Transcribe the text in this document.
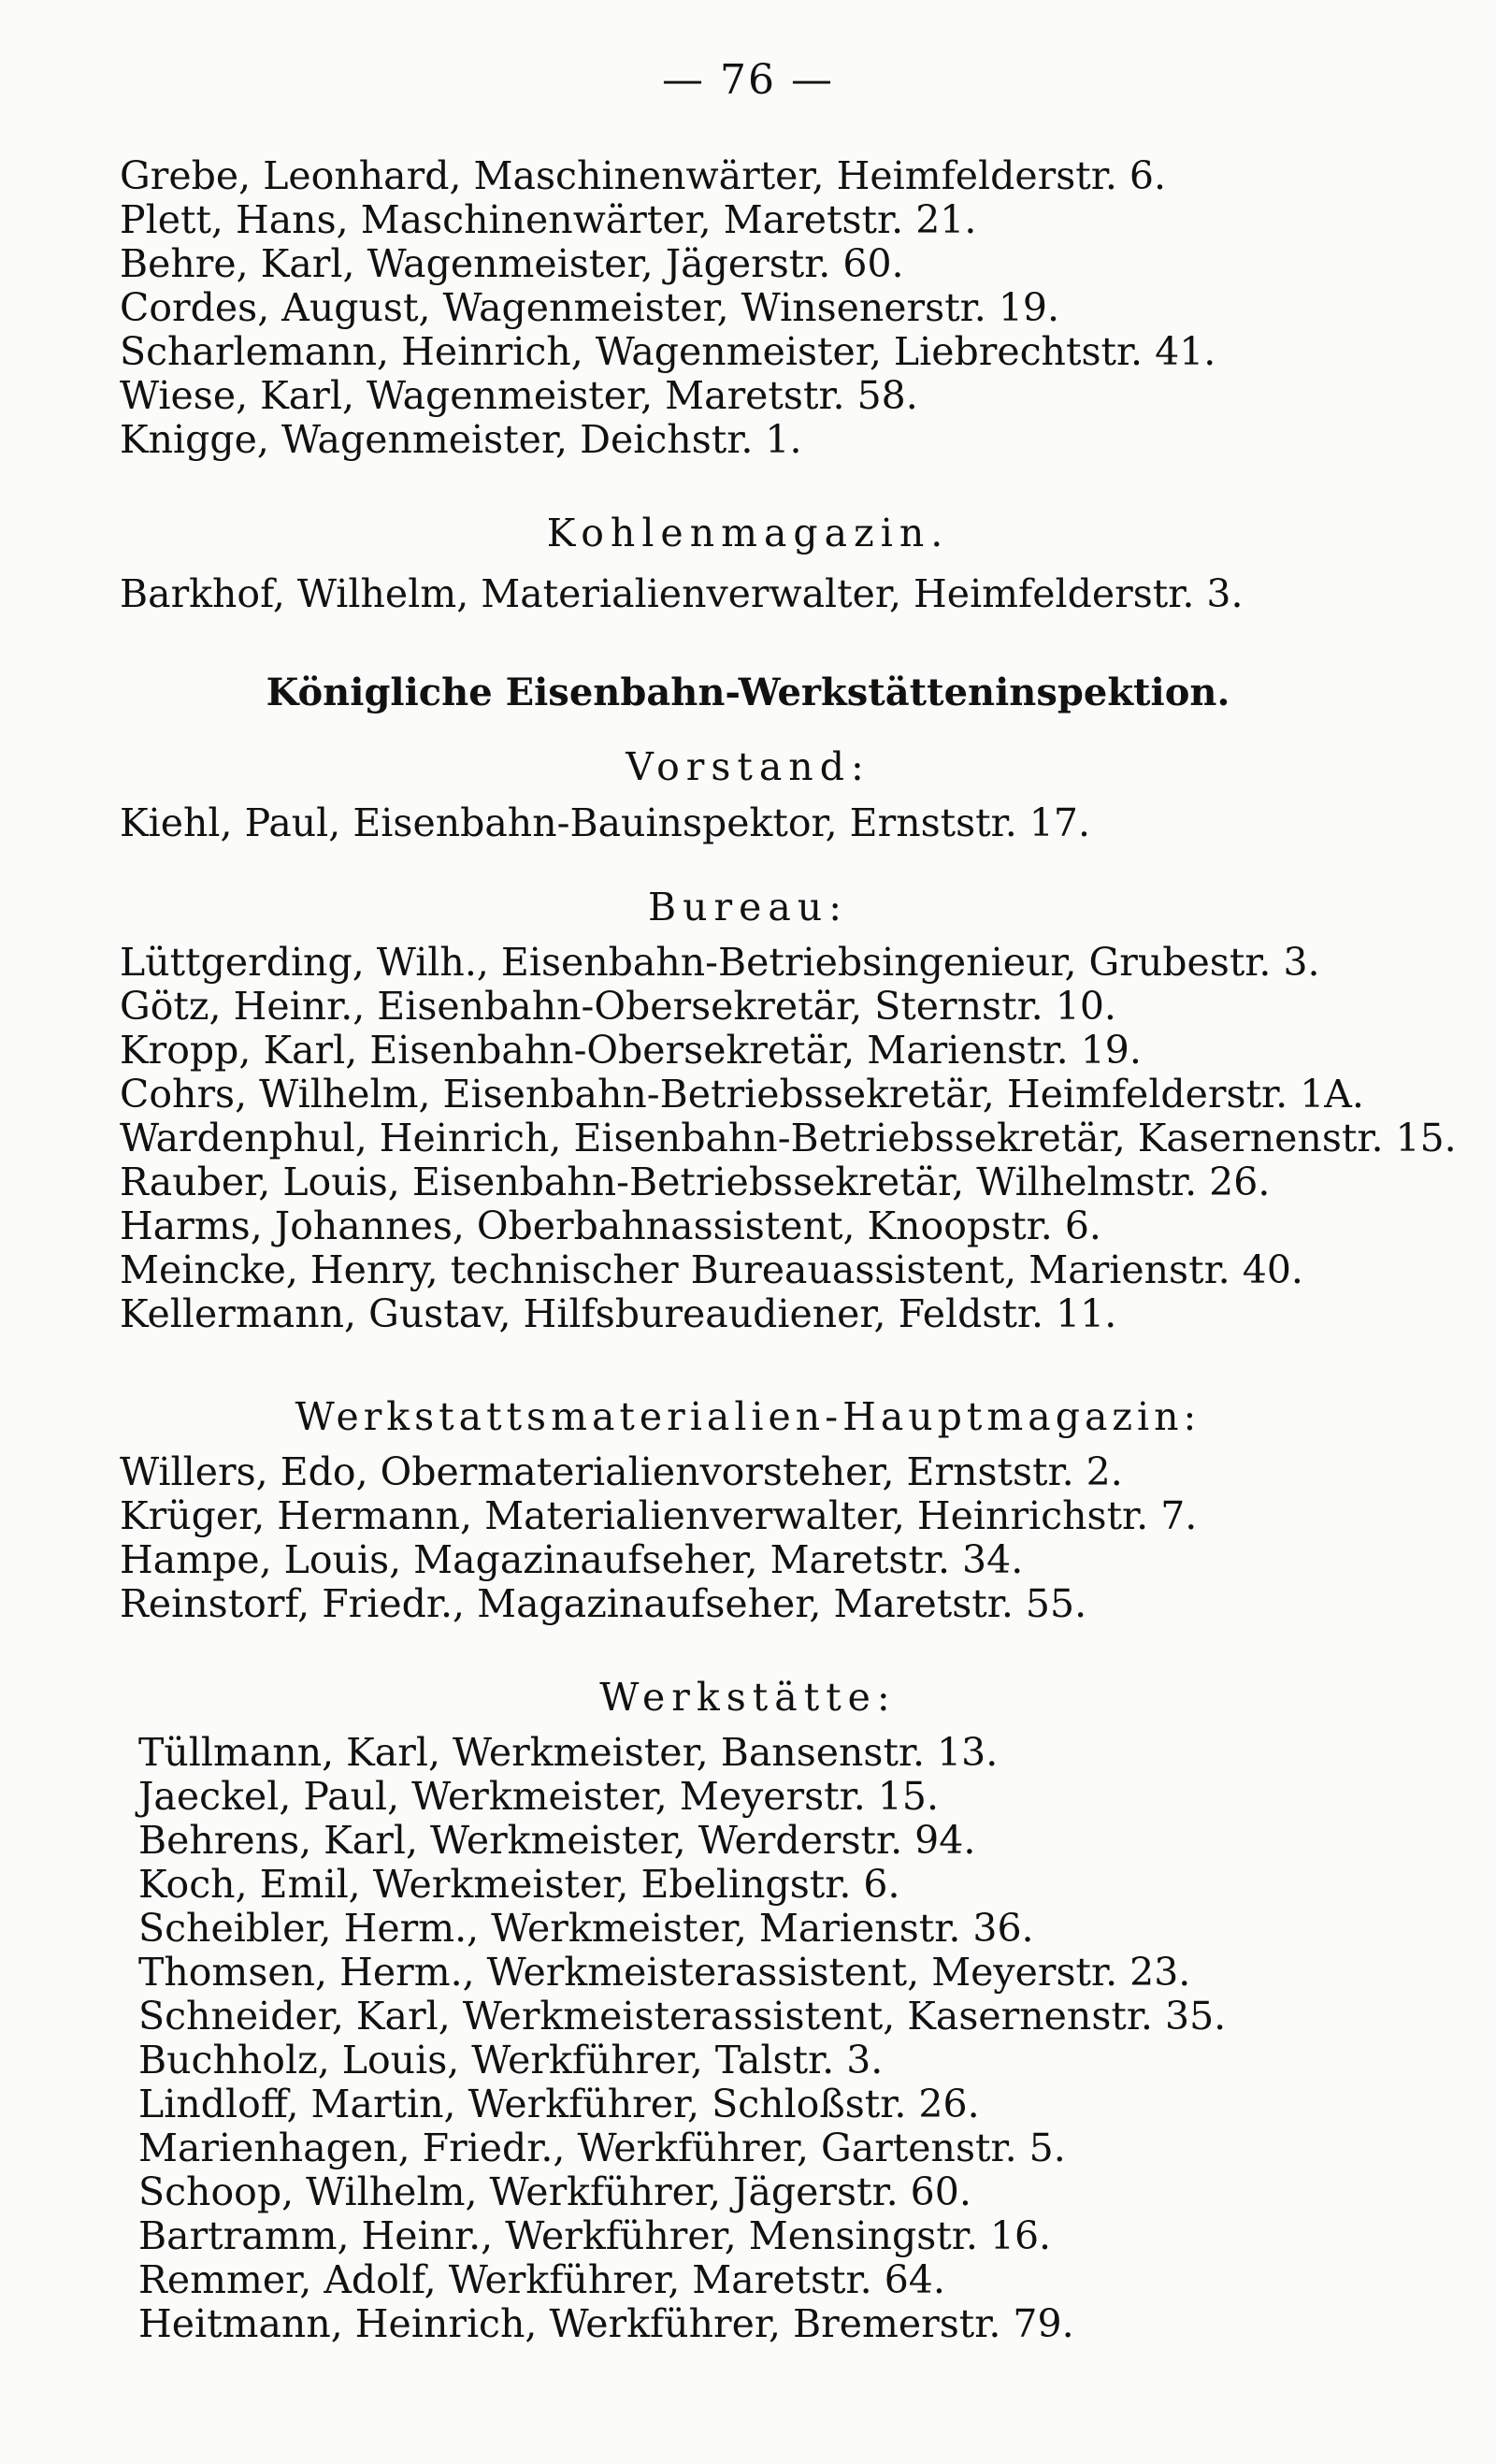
— 76 —
Grebe, Leonhard, Maschinenwärter, Heimfelderstr. 6.
Plett, Hans, Maschinenwärter, Maretstr. 21.
Behre, Karl, Wagenmeister, Jägerstr. 60.
Cordes, August, Wagenmeister, Winsenerstr. 19.
Scharlemann, Heinrich, Wagenmeister, Liebrechtstr. 41.
Wiese, Karl, Wagenmeister, Maretstr. 58.
Knigge, Wagenmeister, Deichstr. 1.
Kohlenmagazin.
Barkhof, Wilhelm, Materialienverwalter, Heimfelderstr. 3.
Königliche Eisenbahn-Werkstätteninspektion.
Vorstand:
Kiehl, Paul, Eisenbahn-Bauinspektor, Ernststr. 17.
Bureau:
Lüttgerding, Wilh., Eisenbahn-Betriebsingenieur, Grubestr. 3.
Götz, Heinr., Eisenbahn-Obersekretär, Sternstr. 10.
Kropp, Karl, Eisenbahn-Obersekretär, Marienstr. 19.
Cohrs, Wilhelm, Eisenbahn-Betriebssekretär, Heimfelderstr. 1A.
Wardenphul, Heinrich, Eisenbahn-Betriebssekretär, Kasernenstr. 15.
Rauber, Louis, Eisenbahn-Betriebssekretär, Wilhelmstr. 26.
Harms, Johannes, Oberbahnassistent, Knoopstr. 6.
Meincke, Henry, technischer Bureauassistent, Marienstr. 40.
Kellermann, Gustav, Hilfsbureaudiener, Feldstr. 11.
Werkstattsmaterialien-Hauptmagazin:
Willers, Edo, Obermaterialienvorsteher, Ernststr. 2.
Krüger, Hermann, Materialienverwalter, Heinrichstr. 7.
Hampe, Louis, Magazinaufseher, Maretstr. 34.
Reinstorf, Friedr., Magazinaufseher, Maretstr. 55.
Werkstätte:
Tüllmann, Karl, Werkmeister, Bansenstr. 13.
Jaeckel, Paul, Werkmeister, Meyerstr. 15.
Behrens, Karl, Werkmeister, Werderstr. 94.
Koch, Emil, Werkmeister, Ebelingstr. 6.
Scheibler, Herm., Werkmeister, Marienstr. 36.
Thomsen, Herm., Werkmeisterassistent, Meyerstr. 23.
Schneider, Karl, Werkmeisterassistent, Kasernenstr. 35.
Buchholz, Louis, Werkführer, Talstr. 3.
Lindloff, Martin, Werkführer, Schloßstr. 26.
Marienhagen, Friedr., Werkführer, Gartenstr. 5.
Schoop, Wilhelm, Werkführer, Jägerstr. 60.
Bartramm, Heinr., Werkführer, Mensingstr. 16.
Remmer, Adolf, Werkführer, Maretstr. 64.
Heitmann, Heinrich, Werkführer, Bremerstr. 79.
